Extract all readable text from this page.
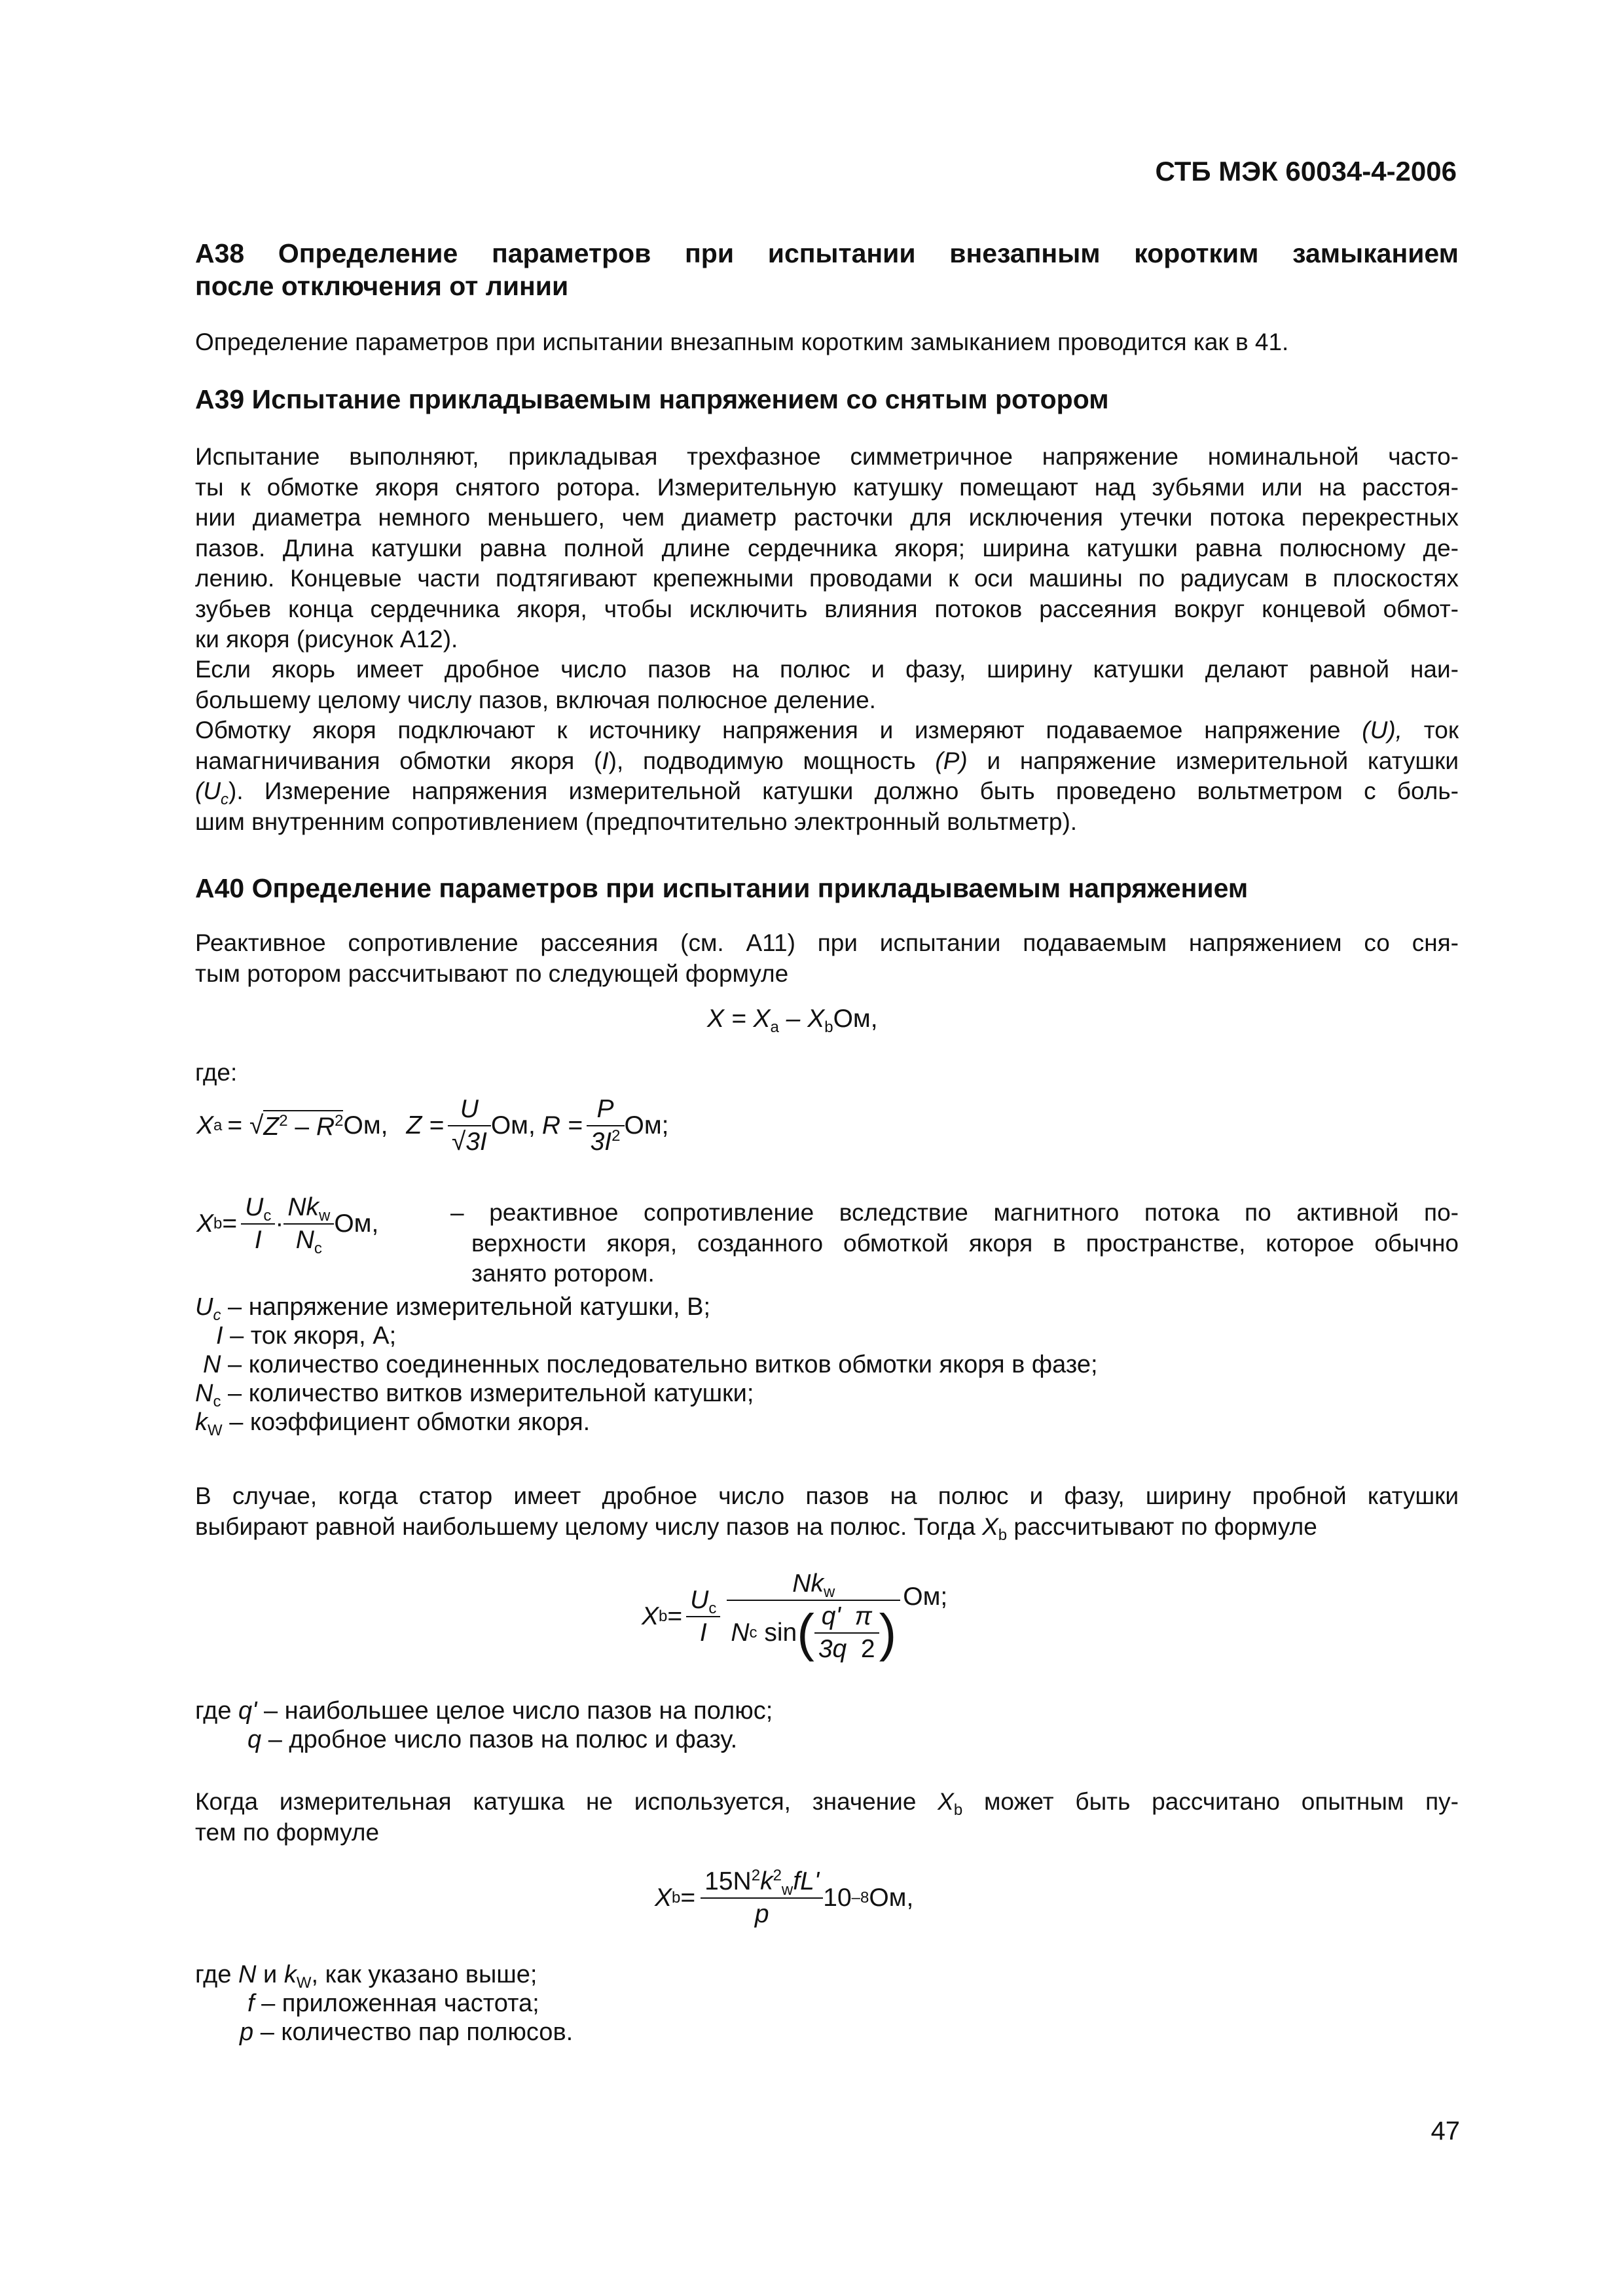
СТБ МЭК 60034-4-2006
А38 Определение параметров при испытании внезапным коротким замыканием
после отключения от линии
Определение параметров при испытании внезапным коротким замыканием проводится как в 41.
А39 Испытание прикладываемым напряжением со снятым ротором
Испытание выполняют, прикладывая трехфазное симметричное напряжение номинальной часто-
ты к обмотке якоря снятого ротора. Измерительную катушку помещают над зубьями или на расстоя-
нии диаметра немного меньшего, чем диаметр расточки для исключения утечки потока перекрестных
пазов. Длина катушки равна полной длине сердечника якоря; ширина катушки равна полюсному де-
лению. Концевые части подтягивают крепежными проводами к оси машины по радиусам в плоскостях
зубьев конца сердечника якоря, чтобы исключить влияния потоков рассеяния вокруг концевой обмот-
ки якоря (рисунок А12).
Если якорь имеет дробное число пазов на полюс и фазу, ширину катушки делают равной наи-
большему целому числу пазов, включая полюсное деление.
Обмотку якоря подключают к источнику напряжения и измеряют подаваемое напряжение (U), ток
намагничивания обмотки якоря (I), подводимую мощность (P) и напряжение измерительной катушки
$(U_c)$. Измерение напряжения измерительной катушки должно быть проведено вольтметром с боль-
шим внутренним сопротивлением (предпочтительно электронный вольтметр).
А40 Определение параметров при испытании прикладываемым напряжением
Реактивное сопротивление рассеяния (см. А11) при испытании подаваемым напряжением со сня-
тым ротором рассчитывают по следующей формуле
$X = X_a - X_bОм$,
где:
X a = √ $Z^2 - R^2$ Ом, $Z = \frac{U}{√3I}$ Ом, $R = \frac{P}{3I^2}$ Ом;
X $b = \frac{U_c}{I} \cdot \frac{Nk_w}{N_c}$ Ом,	– реактивное сопротивление вследствие магнитного потока по активной по-
верхности якоря, созданного обмоткой якоря в пространстве, которое обычно
занято ротором.
$U_c$ – напряжение измерительной катушки, В;
I – ток якоря, А;
N – количество соединенных последовательно витков обмотки якоря в фазе;
$N_c$ – количество витков измерительной катушки;
$k_W$ – коэффициент обмотки якоря.
В случае, когда статор имеет дробное число пазов на полюс и фазу, ширину пробной катушки
выбирают равной наибольшему целому числу пазов на полюс. Тогда $X_b$ рассчитывают по формуле
X $b = \frac{U_c}{I} Nk_w$
N c
sin ( $\frac{q' \pi}{3q 2}$ ) Ом;
где q' – наибольшее целое число пазов на полюс;
q – дробное число пазов на полюс и фазу.
Когда измерительная катушка не используется, значение $X_b$ может быть рассчитано опытным пу-
тем по формуле
X $b = \frac{15N^2k^2_wfL'}{p} 10$ –8 Ом,
где N и $k_W$, как указано выше;
f – приложенная частота;
p – количество пар полюсов.
47
